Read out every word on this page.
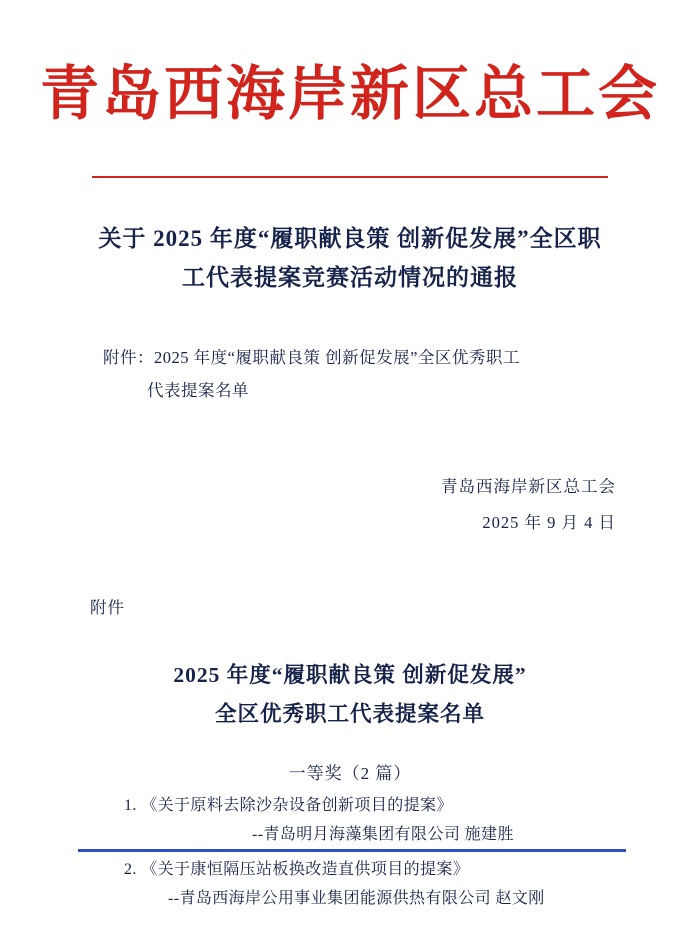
青岛西海岸新区总工会
关于 2025 年度“履职献良策 创新促发展”全区职工代表提案竞赛活动情况的通报
附件：2025 年度“履职献良策 创新促发展”全区优秀职工
代表提案名单
青岛西海岸新区总工会
2025 年 9 月 4 日
附件
2025 年度“履职献良策 创新促发展”
全区优秀职工代表提案名单
一等奖（2 篇）
1. 《关于原料去除沙杂设备创新项目的提案》
--青岛明月海藻集团有限公司 施建胜
2. 《关于康恒隔压站板换改造直供项目的提案》
--青岛西海岸公用事业集团能源供热有限公司 赵文刚
